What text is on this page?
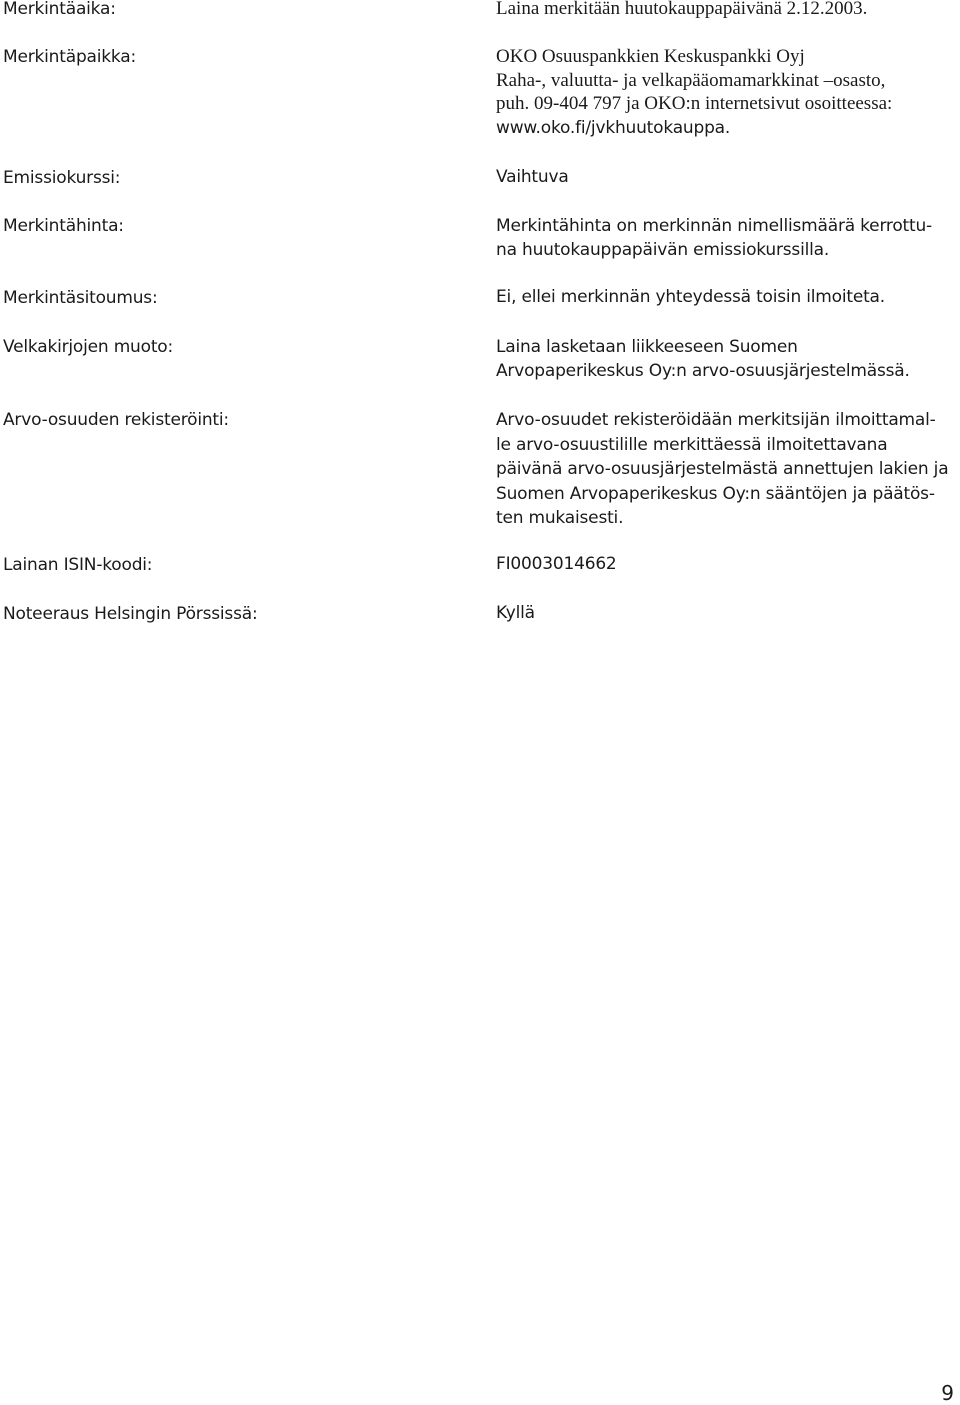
Merkintäaika:	Laina merkitään huutokauppapäivänä 2.12.2003.
Merkintäpaikka:	OKO Osuuspankkien Keskuspankki Oyj
Raha-, valuutta- ja velkapääomamarkkinat –osasto,
puh. 09-404 797 ja OKO:n internetsivut osoitteessa:
www.oko.fi/jvkhuutokauppa.
Emissiokurssi:	Vaihtuva
Merkintähinta:	Merkintähinta on merkinnän nimellismäärä kerrottu-
na huutokauppapäivän emissiokurssilla.
Merkintäsitoumus:	Ei, ellei merkinnän yhteydessä toisin ilmoiteta.
Velkakirjojen muoto:	Laina lasketaan liikkeeseen Suomen
Arvopaperikeskus Oy:n arvo-osuusjärjestelmässä.
Arvo-osuuden rekisteröinti:	Arvo-osuudet rekisteröidään merkitsijän ilmoittamal-
le arvo-osuustilille merkittäessä ilmoitettavana
päivänä arvo-osuusjärjestelmästä annettujen lakien ja
Suomen Arvopaperikeskus Oy:n sääntöjen ja päätös-
ten mukaisesti.
Lainan ISIN-koodi:	FI0003014662
Noteeraus Helsingin Pörssissä:	Kyllä
9
